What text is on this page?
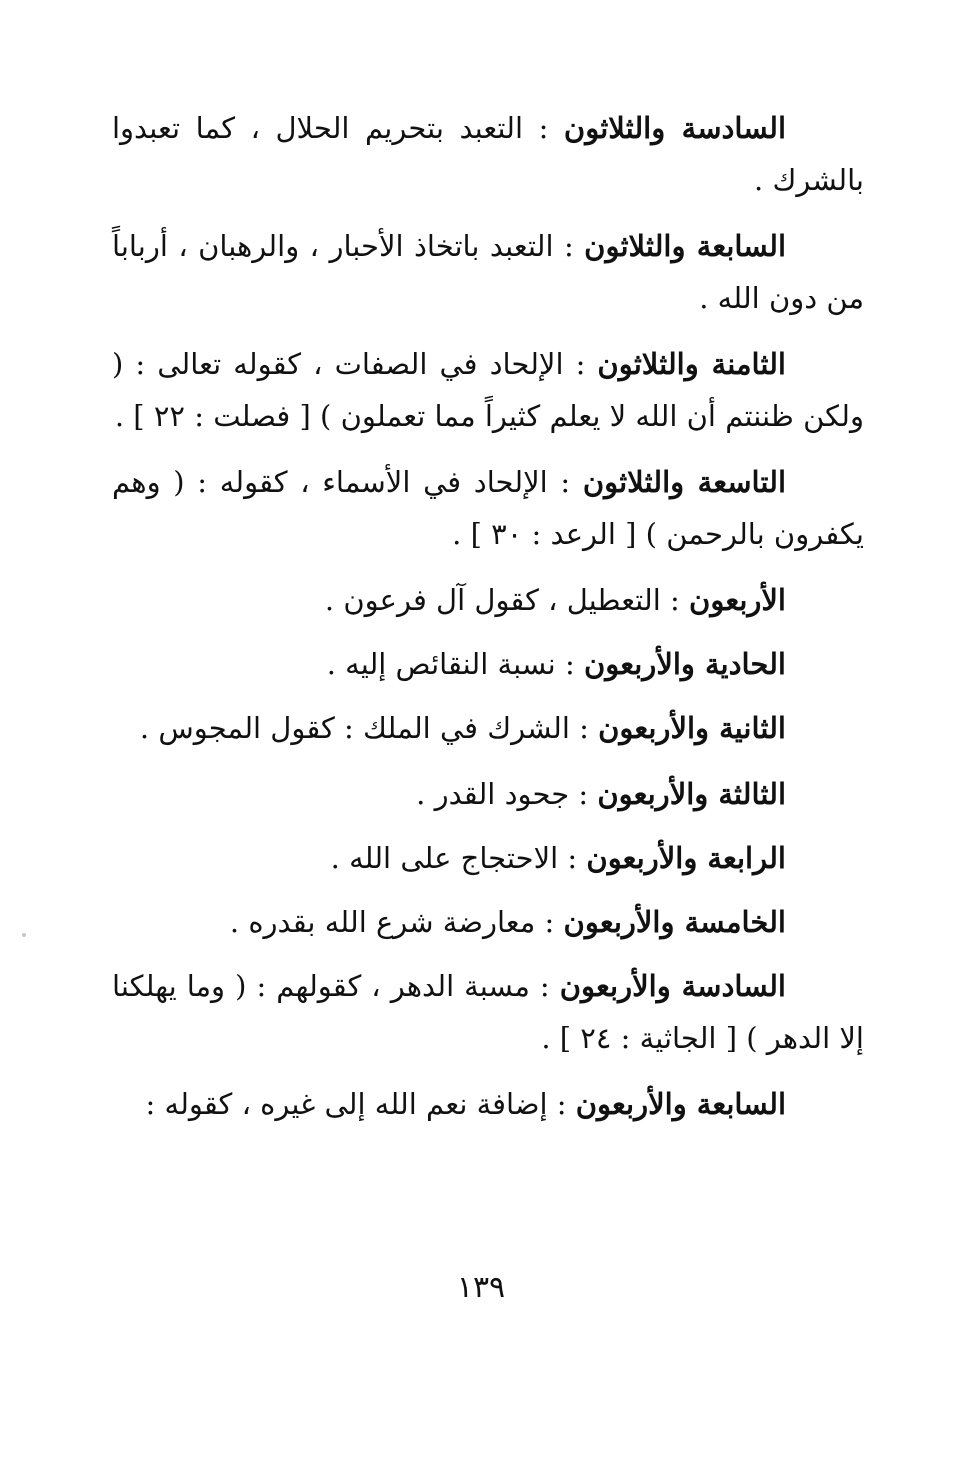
السادسة والثلاثون : التعبد بتحريم الحلال ، كما تعبدوا بالشرك .

السابعة والثلاثون : التعبد باتخاذ الأحبار ، والرهبان ، أرباباً من دون الله .

الثامنة والثلاثون : الإلحاد في الصفات ، كقوله تعالى : ( ولكن ظننتم أن الله لا يعلم كثيراً مما تعملون ) [ فصلت : ٢٢ ] .

التاسعة والثلاثون : الإلحاد في الأسماء ، كقوله : ( وهم يكفرون بالرحمن ) [ الرعد : ٣٠ ] .

الأربعون : التعطيل ، كقول آل فرعون .

الحادية والأربعون : نسبة النقائص إليه .

الثانية والأربعون : الشرك في الملك : كقول المجوس .

الثالثة والأربعون : جحود القدر .

الرابعة والأربعون : الاحتجاج على الله .

الخامسة والأربعون : معارضة شرع الله بقدره .

السادسة والأربعون : مسبة الدهر ، كقولهم : ( وما يهلكنا إلا الدهر ) [ الجاثية : ٢٤ ] .

السابعة والأربعون : إضافة نعم الله إلى غيره ، كقوله :

١٣٩
